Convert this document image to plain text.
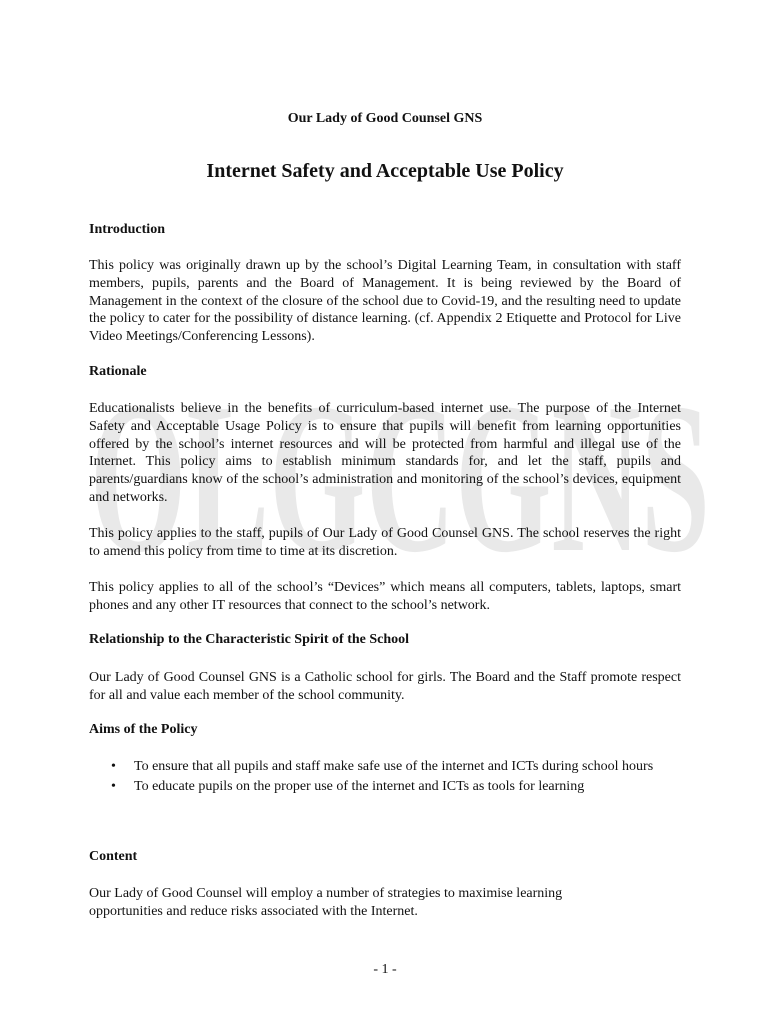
OLGCGNS
Our Lady of Good Counsel GNS
Internet Safety and Acceptable Use Policy
Introduction
This policy was originally drawn up by the school’s Digital Learning Team, in consultation with staff members, pupils, parents and the Board of Management. It is being reviewed by the Board of Management in the context of the closure of the school due to Covid-19, and the resulting need to update the policy to cater for the possibility of distance learning. (cf. Appendix 2 Etiquette and Protocol for Live Video Meetings/Conferencing Lessons).
Rationale
Educationalists believe in the benefits of curriculum-based internet use. The purpose of the Internet Safety and Acceptable Usage Policy is to ensure that pupils will benefit from learning opportunities offered by the school’s internet resources and will be protected from harmful and illegal use of the Internet. This policy aims to establish minimum standards for, and let the staff, pupils and parents/guardians know of the school’s administration and monitoring of the school’s devices, equipment and networks.
This policy applies to the staff, pupils of Our Lady of Good Counsel GNS. The school reserves the right to amend this policy from time to time at its discretion.
This policy applies to all of the school’s “Devices” which means all computers, tablets, laptops, smart phones and any other IT resources that connect to the school’s network.
Relationship to the Characteristic Spirit of the School
Our Lady of Good Counsel GNS is a Catholic school for girls. The Board and the Staff promote respect for all and value each member of the school community.
Aims of the Policy
• To ensure that all pupils and staff make safe use of the internet and ICTs during school hours
• To educate pupils on the proper use of the internet and ICTs as tools for learning
Content
Our Lady of Good Counsel will employ a number of strategies to maximise learning opportunities and reduce risks associated with the Internet.
- 1 -
